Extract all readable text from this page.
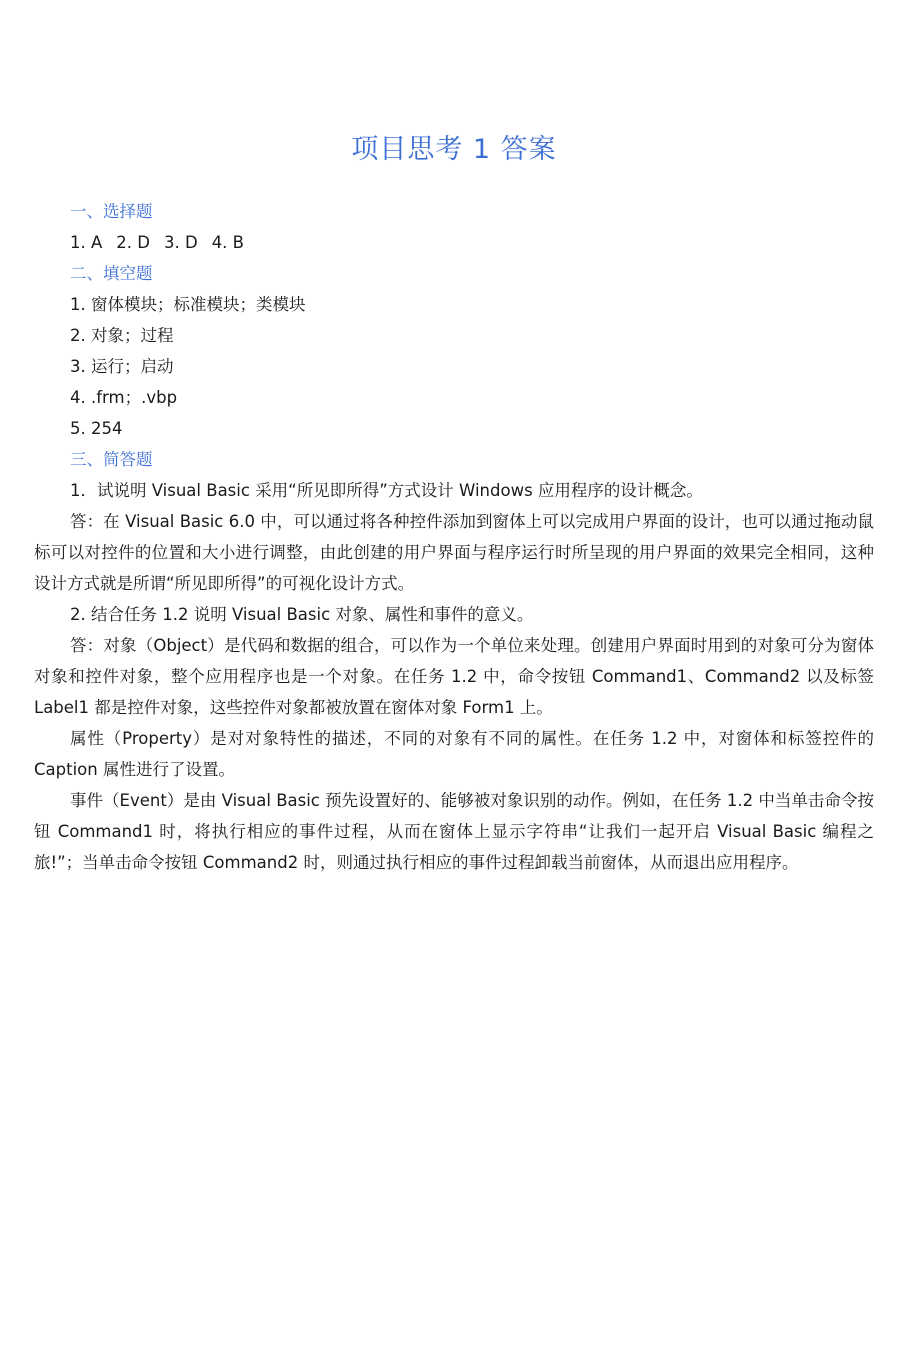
项目思考 1 答案
一、选择题
1. A 2. D 3. D 4. B
二、填空题
1. 窗体模块；标准模块；类模块
2. 对象；过程
3. 运行；启动
4. .frm；.vbp
5. 254
三、简答题
1．试说明 Visual Basic 采用“所见即所得”方式设计 Windows 应用程序的设计概念。
答：在 Visual Basic 6.0 中，可以通过将各种控件添加到窗体上可以完成用户界面的设计，也可以通过拖动鼠标可以对控件的位置和大小进行调整，由此创建的用户界面与程序运行时所呈现的用户界面的效果完全相同，这种设计方式就是所谓“所见即所得”的可视化设计方式。
2. 结合任务 1.2 说明 Visual Basic 对象、属性和事件的意义。
答：对象（Object）是代码和数据的组合，可以作为一个单位来处理。创建用户界面时用到的对象可分为窗体对象和控件对象，整个应用程序也是一个对象。在任务 1.2 中，命令按钮 Command1、Command2 以及标签 Label1 都是控件对象，这些控件对象都被放置在窗体对象 Form1 上。
属性（Property）是对对象特性的描述，不同的对象有不同的属性。在任务 1.2 中，对窗体和标签控件的 Caption 属性进行了设置。
事件（Event）是由 Visual Basic 预先设置好的、能够被对象识别的动作。例如，在任务 1.2 中当单击命令按钮 Command1 时，将执行相应的事件过程，从而在窗体上显示字符串“让我们一起开启 Visual Basic 编程之旅!”；当单击命令按钮 Command2 时，则通过执行相应的事件过程卸载当前窗体，从而退出应用程序。
